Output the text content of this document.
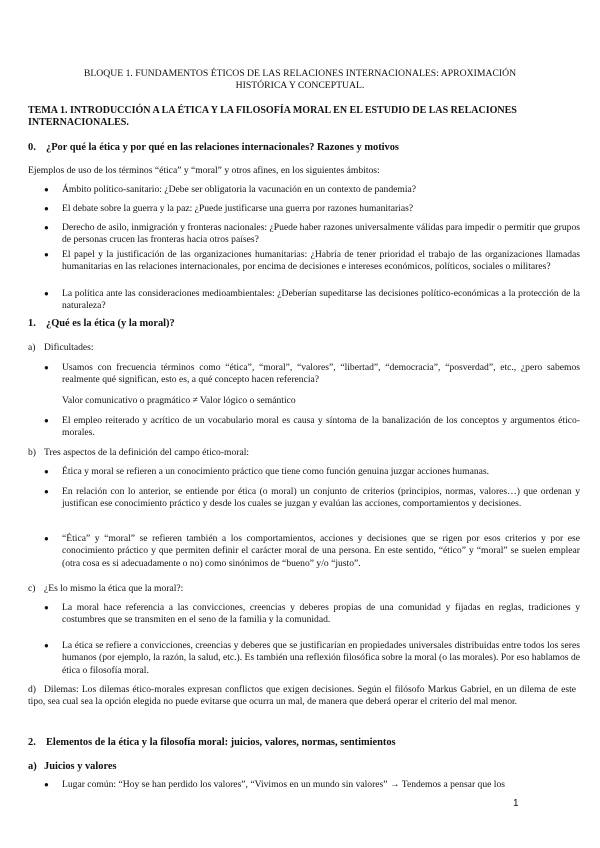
BLOQUE 1. FUNDAMENTOS ÉTICOS DE LAS RELACIONES INTERNACIONALES: APROXIMACIÓN
HISTÓRICA Y CONCEPTUAL.
TEMA 1. INTRODUCCIÓN A LA ÉTICA Y LA FILOSOFÍA MORAL EN EL ESTUDIO DE LAS RELACIONES INTERNACIONALES.
0. ¿Por qué la ética y por qué en las relaciones internacionales? Razones y motivos
Ejemplos de uso de los términos “ética” y “moral” y otros afines, en los siguientes ámbitos:
●	Ámbito político-sanitario: ¿Debe ser obligatoria la vacunación en un contexto de pandemia?
●	El debate sobre la guerra y la paz: ¿Puede justificarse una guerra por razones humanitarias?
●	Derecho de asilo, inmigración y fronteras nacionales: ¿Puede haber razones universalmente válidas para impedir o permitir que grupos de personas crucen las fronteras hacia otros países?
●	El papel y la justificación de las organizaciones humanitarias: ¿Habría de tener prioridad el trabajo de las organizaciones llamadas humanitarias en las relaciones internacionales, por encima de decisiones e intereses económicos, políticos, sociales o militares?
●	La política ante las consideraciones medioambientales: ¿Deberían supeditarse las decisiones político-económicas a la protección de la naturaleza?
1. ¿Qué es la ética (y la moral)?
a) Dificultades:
●	Usamos con frecuencia términos como “ética”, “moral”, “valores”, “libertad”, “democracia”, “posverdad”, etc., ¿pero sabemos realmente qué significan, esto es, a qué concepto hacen referencia?
Valor comunicativo o pragmático ≠ Valor lógico o semántico
●	El empleo reiterado y acrítico de un vocabulario moral es causa y síntoma de la banalización de los conceptos y argumentos ético-morales.
b) Tres aspectos de la definición del campo ético-moral:
●	Ética y moral se refieren a un conocimiento práctico que tiene como función genuina juzgar acciones humanas.
●	En relación con lo anterior, se entiende por ética (o moral) un conjunto de criterios (principios, normas, valores…) que ordenan y justifican ese conocimiento práctico y desde los cuales se juzgan y evalúan las acciones, comportamientos y decisiones.
●	“Ética” y “moral” se refieren también a los comportamientos, acciones y decisiones que se rigen por esos criterios y por ese conocimiento práctico y que permiten definir el carácter moral de una persona. En este sentido, “ético” y “moral” se suelen emplear (otra cosa es si adecuadamente o no) como sinónimos de “bueno” y/o “justo”.
c) ¿Es lo mismo la ética que la moral?:
●	La moral hace referencia a las convicciones, creencias y deberes propias de una comunidad y fijadas en reglas, tradiciones y costumbres que se transmiten en el seno de la familia y la comunidad.
●	La ética se refiere a convicciones, creencias y deberes que se justificarían en propiedades universales distribuidas entre todos los seres humanos (por ejemplo, la razón, la salud, etc.). Es también una reflexión filosófica sobre la moral (o las morales). Por eso hablamos de ética o filosofía moral.
d) Dilemas: Los dilemas ético-morales expresan conflictos que exigen decisiones. Según el filósofo Markus Gabriel, en un dilema de este tipo, sea cual sea la opción elegida no puede evitarse que ocurra un mal, de manera que deberá operar el criterio del mal menor.
2. Elementos de la ética y la filosofía moral: juicios, valores, normas, sentimientos
a) Juicios y valores
●	Lugar común: “Hoy se han perdido los valores”, “Vivimos en un mundo sin valores” → Tendemos a pensar que los
1
